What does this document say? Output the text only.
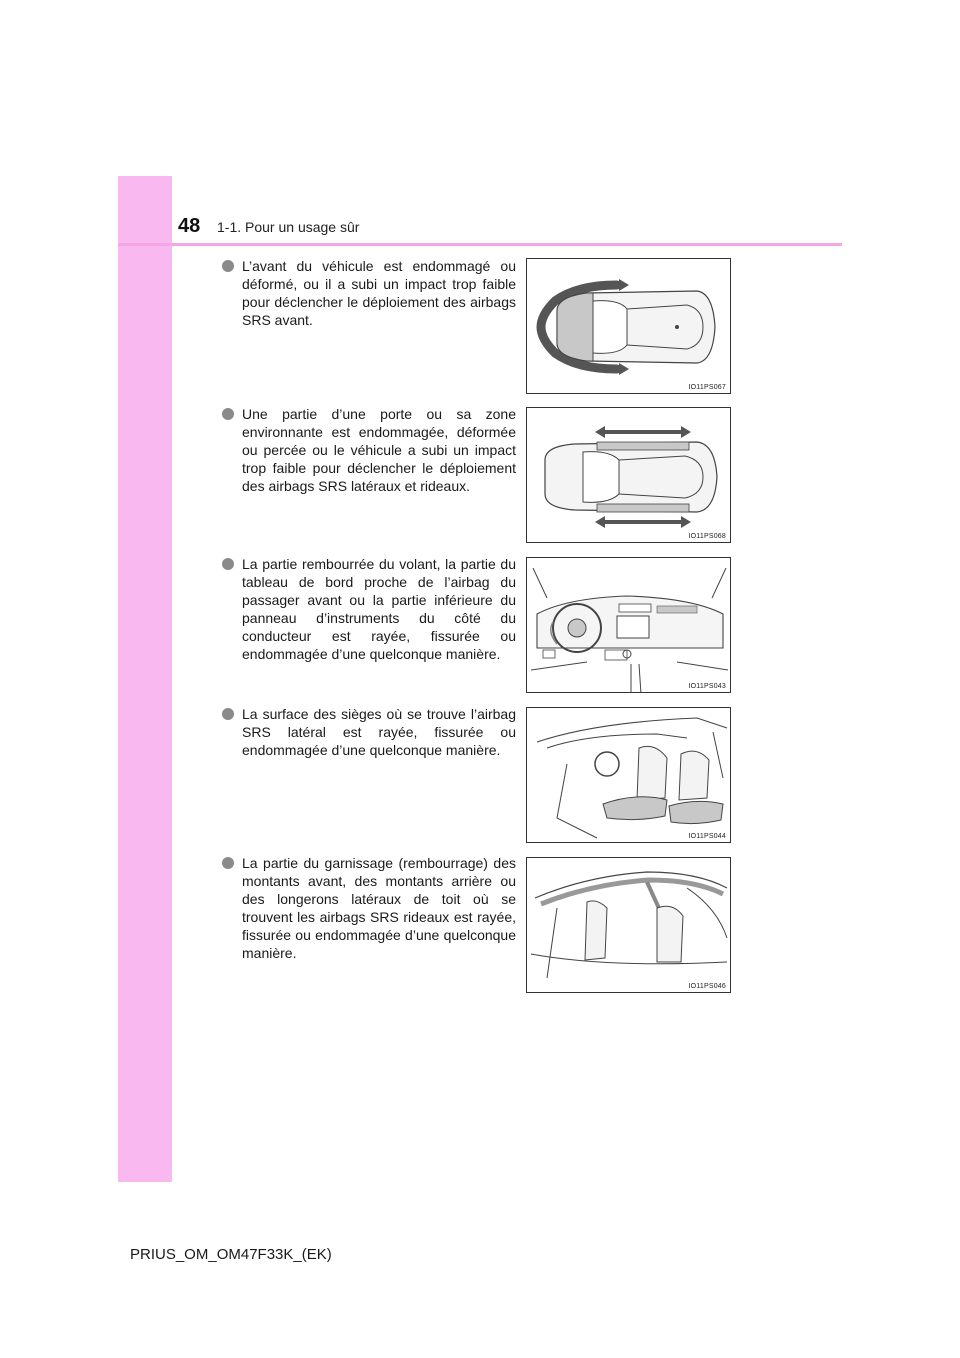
48 1-1. Pour un usage sûr
L’avant du véhicule est endommagé ou déformé, ou il a subi un impact trop faible pour déclencher le déploiement des airbags SRS avant.
IO11PS067
Une partie d’une porte ou sa zone environnante est endommagée, déformée ou percée ou le véhicule a subi un impact trop faible pour déclencher le déploiement des airbags SRS latéraux et rideaux.
IO11PS068
La partie rembourrée du volant, la partie du tableau de bord proche de l’airbag du passager avant ou la partie inférieure du panneau d’instruments du côté du conducteur est rayée, fissurée ou endommagée d’une quelconque manière.
IO11PS043
La surface des sièges où se trouve l’airbag SRS latéral est rayée, fissurée ou endommagée d’une quelconque manière.
IO11PS044
La partie du garnissage (rembourrage) des montants avant, des montants arrière ou des longerons latéraux de toit où se trouvent les airbags SRS rideaux est rayée, fissurée ou endommagée d’une quelconque manière.
IO11PS046
PRIUS_OM_OM47F33K_(EK)
